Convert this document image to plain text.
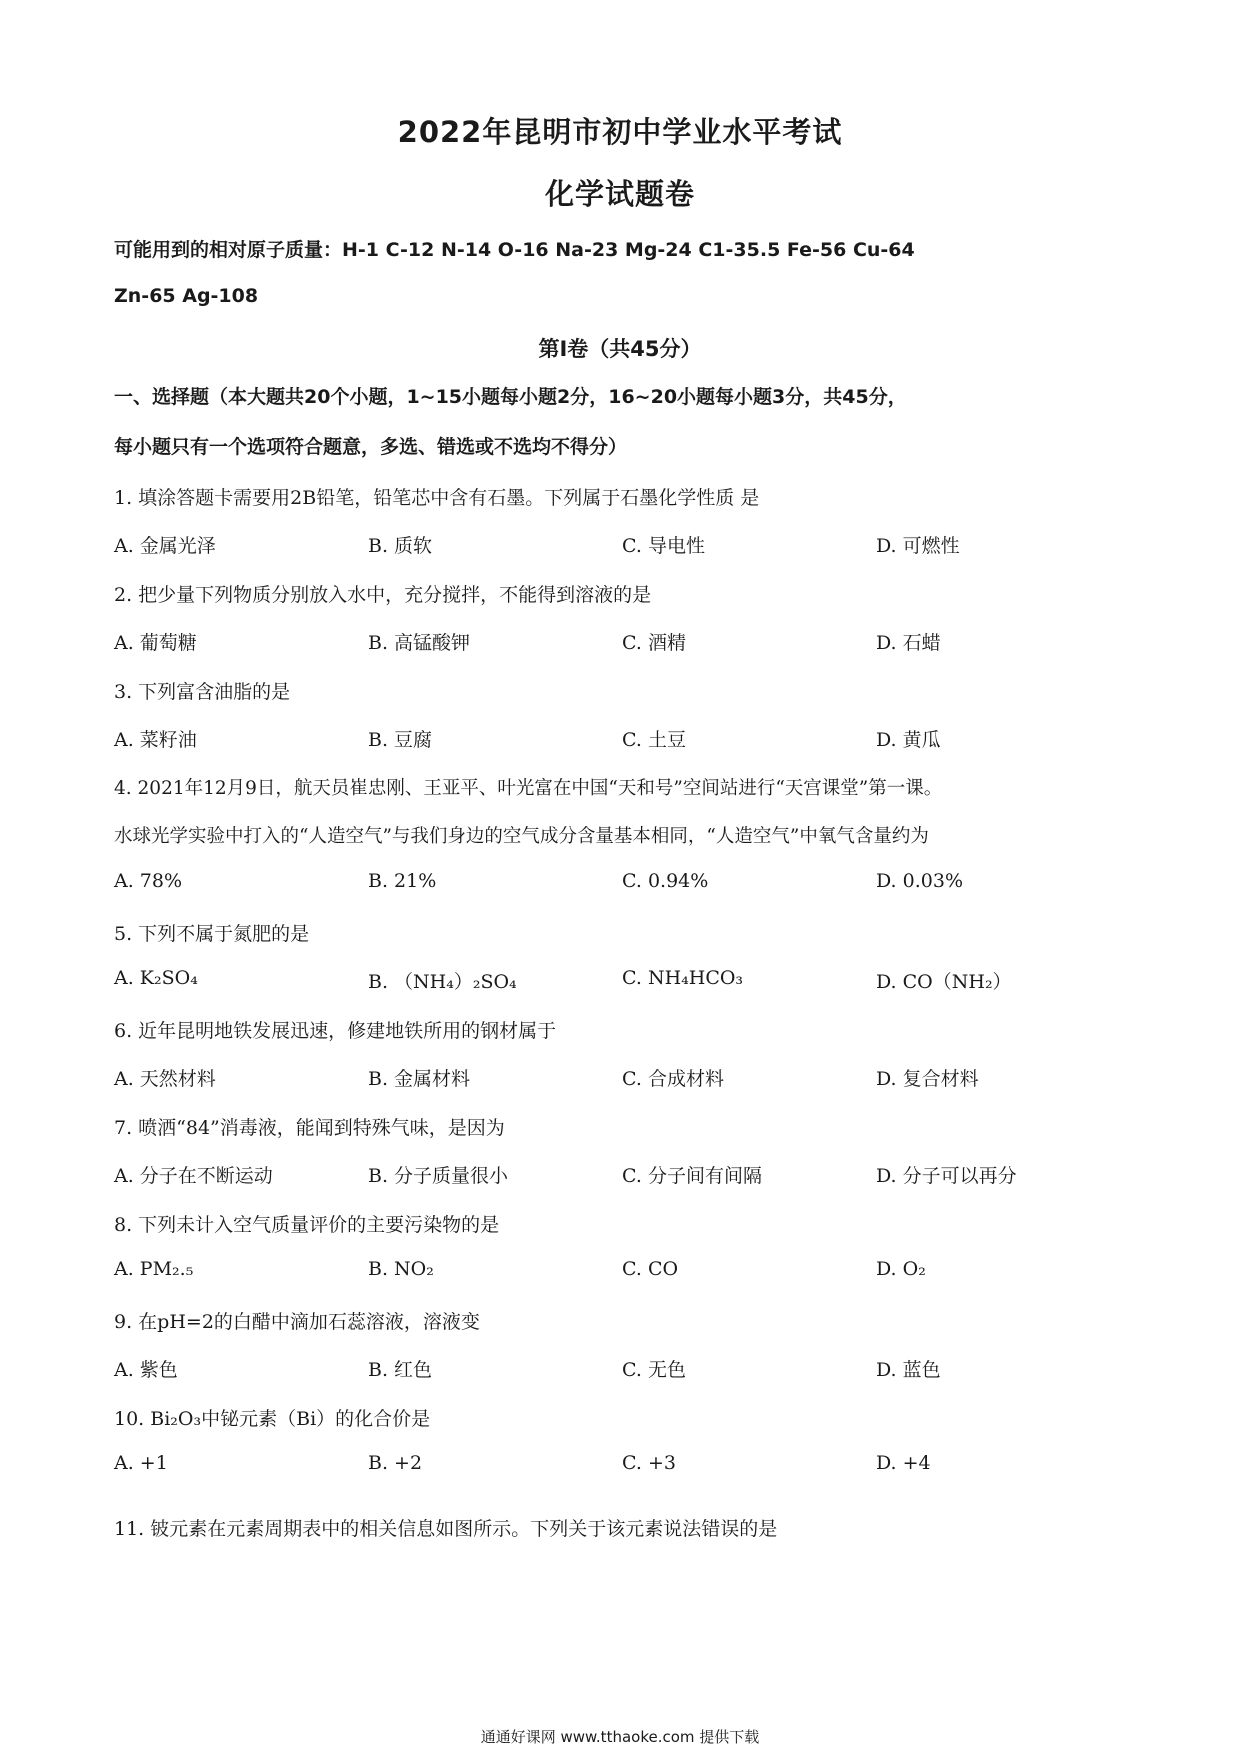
2022年昆明市初中学业水平考试
化学试题卷
可能用到的相对原子质量：H-1 C-12 N-14 O-16 Na-23 Mg-24 C1-35.5 Fe-56 Cu-64
Zn-65 Ag-108
第Ⅰ卷（共45分）
一、选择题（本大题共20个小题，1~15小题每小题2分，16~20小题每小题3分，共45分，
每小题只有一个选项符合题意，多选、错选或不选均不得分）
1. 填涂答题卡需要用2B铅笔，铅笔芯中含有石墨。下列属于石墨化学性质 是
A. 金属光泽	B. 质软	C. 导电性	D. 可燃性
2. 把少量下列物质分别放入水中，充分搅拌，不能得到溶液的是
A. 葡萄糖	B. 高锰酸钾	C. 酒精	D. 石蜡
3. 下列富含油脂的是
A. 菜籽油	B. 豆腐	C. 土豆	D. 黄瓜
4. 2021年12月9日，航天员崔忠刚、王亚平、叶光富在中国“天和号”空间站进行“天宫课堂”第一课。
水球光学实验中打入的“人造空气”与我们身边的空气成分含量基本相同，“人造空气”中氧气含量约为
A. 78%	B. 21%	C. 0.94%	D. 0.03%
5. 下列不属于氮肥的是
A. K₂SO₄	B. （NH₄）₂SO₄	C. NH₄HCO₃	D. CO（NH₂）
6. 近年昆明地铁发展迅速，修建地铁所用的钢材属于
A. 天然材料	B. 金属材料	C. 合成材料	D. 复合材料
7. 喷洒“84”消毒液，能闻到特殊气味，是因为
A. 分子在不断运动	B. 分子质量很小	C. 分子间有间隔	D. 分子可以再分
8. 下列未计入空气质量评价的主要污染物的是
A. PM₂.₅	B. NO₂	C. CO	D. O₂
9. 在pH=2的白醋中滴加石蕊溶液，溶液变
A. 紫色	B. 红色	C. 无色	D. 蓝色
10. Bi₂O₃中铋元素（Bi）的化合价是
A. +1	B. +2	C. +3	D. +4
11. 铍元素在元素周期表中的相关信息如图所示。下列关于该元素说法错误的是
通通好课网 www.tthaoke.com 提供下载
